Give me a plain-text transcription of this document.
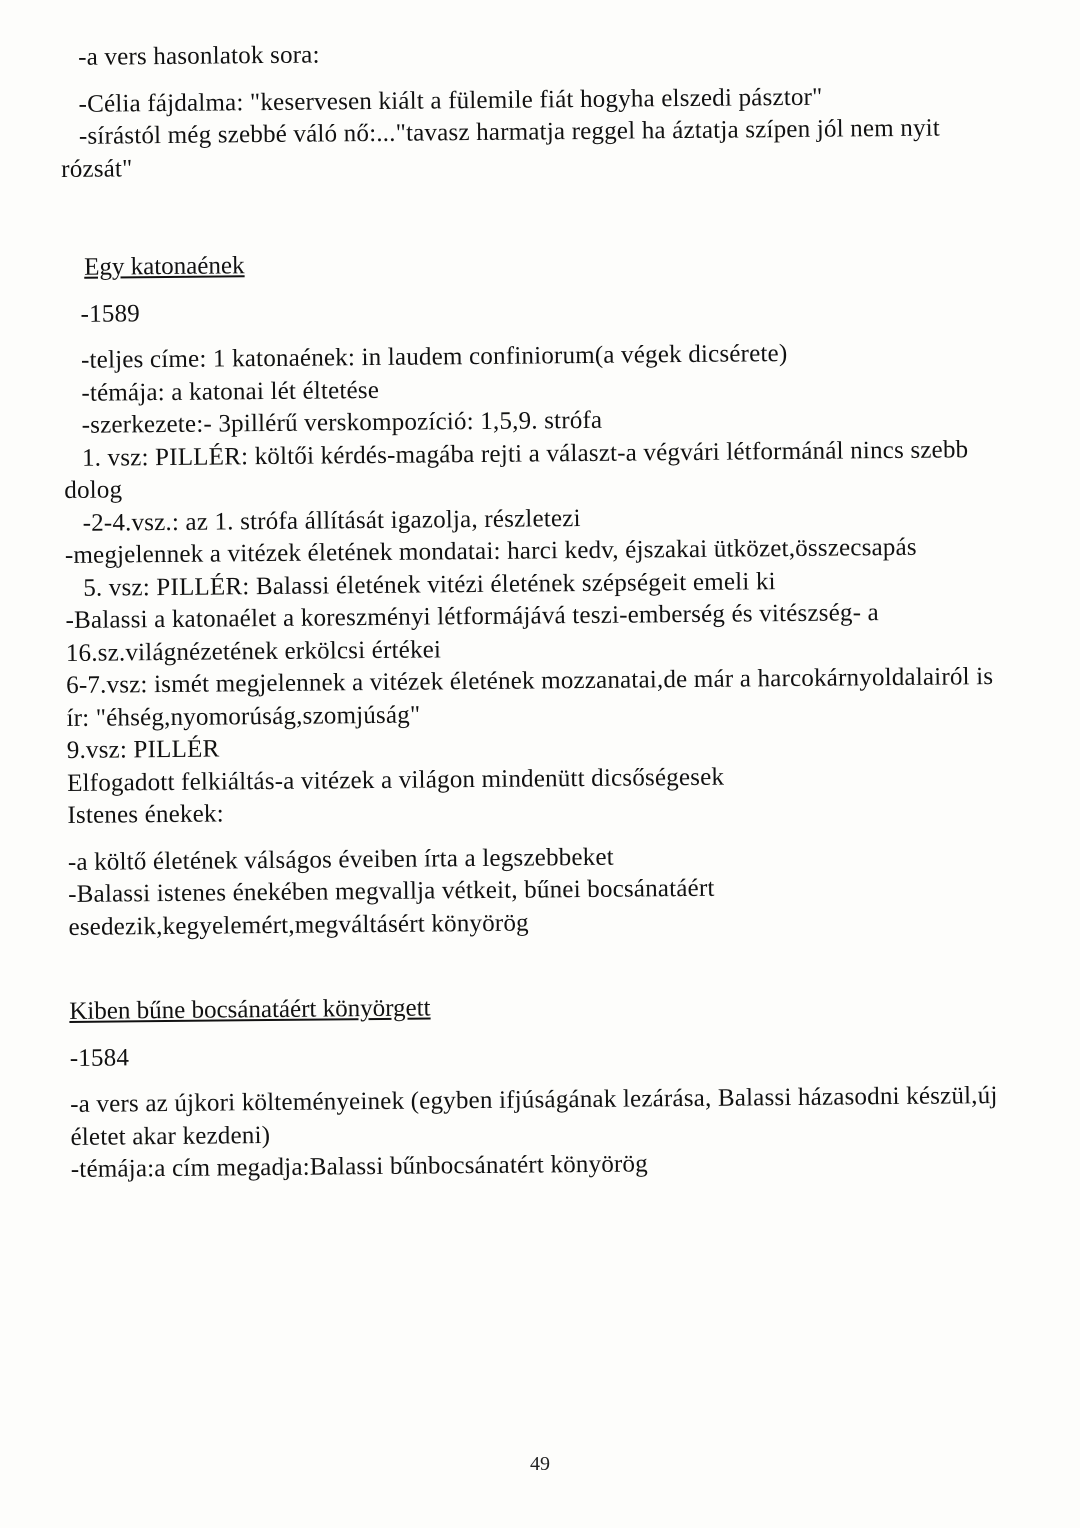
-a vers hasonlatok sora:
-Célia fájdalma: "keservesen kiált a fülemile fiát hogyha elszedi pásztor"
-sírástól még szebbé váló nő:..."tavasz harmatja reggel ha áztatja szípen jól nem nyit
rózsát"
Egy katonaének
-1589
-teljes címe: 1 katonaének: in laudem confiniorum(a végek dicsérete)
-témája: a katonai lét éltetése
-szerkezete:- 3pillérű verskompozíció: 1,5,9. strófa
1. vsz: PILLÉR: költői kérdés-magába rejti a választ-a végvári létformánál nincs szebb
dolog
-2-4.vsz.: az 1. strófa állítását igazolja, részletezi
-megjelennek a vitézek életének mondatai: harci kedv, éjszakai ütközet,összecsapás
5. vsz: PILLÉR: Balassi életének vitézi életének szépségeit emeli ki
-Balassi a katonaélet a koreszményi létformájává teszi-emberség és vitészség- a
16.sz.világnézetének erkölcsi értékei
6-7.vsz: ismét megjelennek a vitézek életének mozzanatai,de már a harcokárnyoldalairól is
ír: "éhség,nyomorúság,szomjúság"
9.vsz: PILLÉR
Elfogadott felkiáltás-a vitézek a világon mindenütt dicsőségesek
Istenes énekek:
-a költő életének válságos éveiben írta a legszebbeket
-Balassi istenes énekében megvallja vétkeit, bűnei bocsánatáért
esedezik,kegyelemért,megváltásért könyörög
Kiben bűne bocsánatáért könyörgett
-1584
-a vers az újkori költeményeinek (egyben ifjúságának lezárása, Balassi házasodni készül,új
életet akar kezdeni)
-témája:a cím megadja:Balassi bűnbocsánatért könyörög
49
